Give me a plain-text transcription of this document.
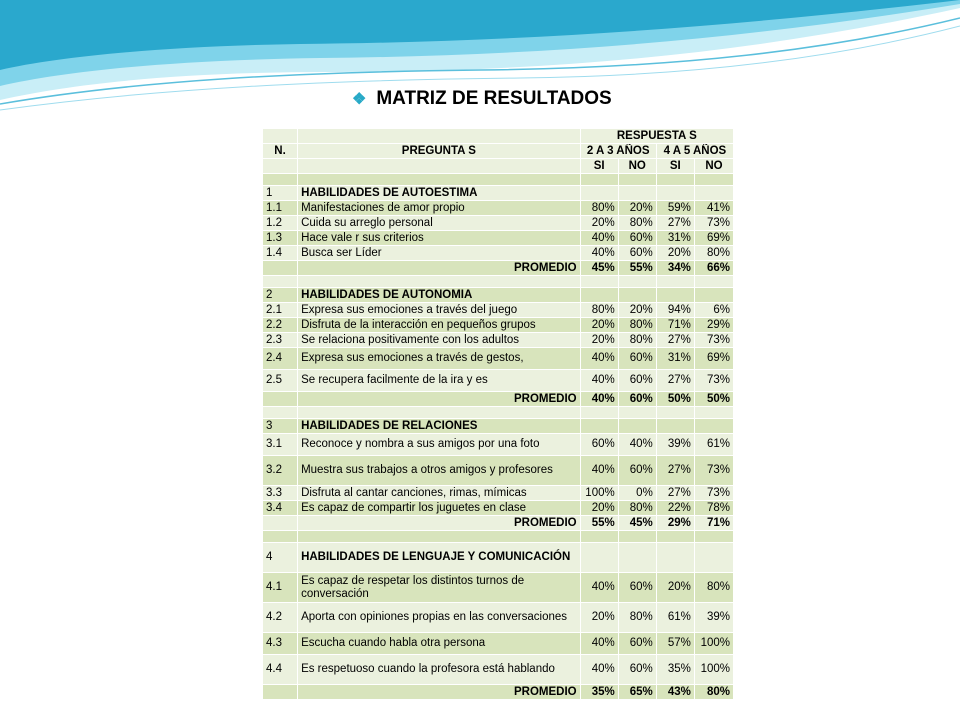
❖ MATRIZ DE RESULTADOS
		RESPUESTA S			
N.	PREGUNTA S	2 A 3 AÑOS		4 A 5 AÑOS	
		SI	NO	SI	NO

1	HABILIDADES DE AUTOESTIMA				
1.1	Manifestaciones de amor propio	80%	20%	59%	41%
1.2	Cuida su arreglo personal	20%	80%	27%	73%
1.3	Hace vale r sus criterios	40%	60%	31%	69%
1.4	Busca ser Líder	40%	60%	20%	80%
	PROMEDIO	45%	55%	34%	66%

2	HABILIDADES DE AUTONOMIA				
2.1	Expresa sus emociones a través del juego	80%	20%	94%	6%
2.2	Disfruta de la interacción en pequeños grupos	20%	80%	71%	29%
2.3	Se relaciona positivamente con los adultos	20%	80%	27%	73%
2.4	Expresa sus emociones a través de gestos,	40%	60%	31%	69%
2.5	Se recupera facilmente de la ira y es	40%	60%	27%	73%
	PROMEDIO	40%	60%	50%	50%

3	HABILIDADES DE RELACIONES				
3.1	Reconoce y nombra a sus amigos por una foto	60%	40%	39%	61%
3.2	Muestra sus trabajos a otros amigos y profesores	40%	60%	27%	73%
3.3	Disfruta al cantar canciones, rimas, mímicas	100%	0%	27%	73%
3.4	Es capaz de compartir los juguetes en clase	20%	80%	22%	78%
	PROMEDIO	55%	45%	29%	71%

4	HABILIDADES DE LENGUAJE Y COMUNICACIÓN				
4.1	Es capaz de respetar los distintos turnos de conversación	40%	60%	20%	80%
4.2	Aporta con opiniones propias en las conversaciones	20%	80%	61%	39%
4.3	Escucha cuando habla otra persona	40%	60%	57%	100%
4.4	Es respetuoso cuando la profesora está hablando	40%	60%	35%	100%
	PROMEDIO	35%	65%	43%	80%
